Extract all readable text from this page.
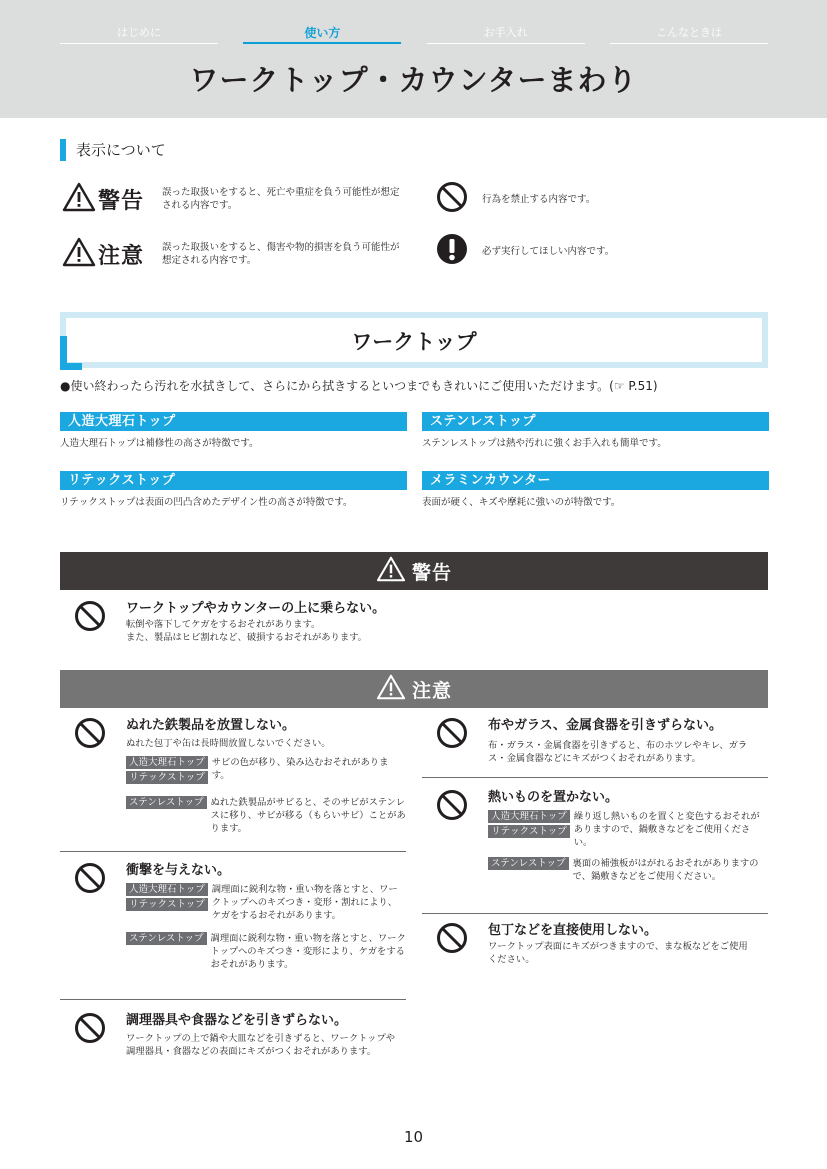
はじめに	使い方	お手入れ	こんなときは
ワークトップ・カウンターまわり
表示について
警告 誤った取扱いをすると、死亡や重症を負う可能性が想定される内容です。
注意 誤った取扱いをすると、傷害や物的損害を負う可能性が想定される内容です。
行為を禁止する内容です。
必ず実行してほしい内容です。
ワークトップ
●使い終わったら汚れを水拭きして、さらにから拭きするといつまでもきれいにご使用いただけます。(☞ P.51)
人造大理石トップ
人造大理石トップは補修性の高さが特徴です。
ステンレストップ
ステンレストップは熱や汚れに強くお手入れも簡単です。
リテックストップ
リテックストップは表面の凹凸含めたデザイン性の高さが特徴です。
メラミンカウンター
表面が硬く、キズや摩耗に強いのが特徴です。
警告
ワークトップやカウンターの上に乗らない。
転倒や落下してケガをするおそれがあります。
また、製品はヒビ割れなど、破損するおそれがあります。
注意
ぬれた鉄製品を放置しない。
ぬれた包丁や缶は長時間放置しないでください。
人造大理石トップ
リテックストップ
サビの色が移り、染み込むおそれがあります。
ステンレストップ ぬれた鉄製品がサビると、そのサビがステンレスに移り、サビが移る（もらいサビ）ことがあります。
衝撃を与えない。
人造大理石トップ
リテックストップ
調理面に鋭利な物・重い物を落とすと、ワークトップへのキズつき・変形・割れにより、ケガをするおそれがあります。
ステンレストップ 調理面に鋭利な物・重い物を落とすと、ワークトップへのキズつき・変形により、ケガをするおそれがあります。
調理器具や食器などを引きずらない。
ワークトップの上で鍋や大皿などを引きずると、ワークトップや調理器具・食器などの表面にキズがつくおそれがあります。
布やガラス、金属食器を引きずらない。
布・ガラス・金属食器を引きずると、布のホツレやキレ、ガラス・金属食器などにキズがつくおそれがあります。
熱いものを置かない。
人造大理石トップ
リテックストップ
繰り返し熱いものを置くと変色するおそれがありますので、鍋敷きなどをご使用ください。
ステンレストップ 裏面の補強板がはがれるおそれがありますので、鍋敷きなどをご使用ください。
包丁などを直接使用しない。
ワークトップ表面にキズがつきますので、まな板などをご使用ください。
10
